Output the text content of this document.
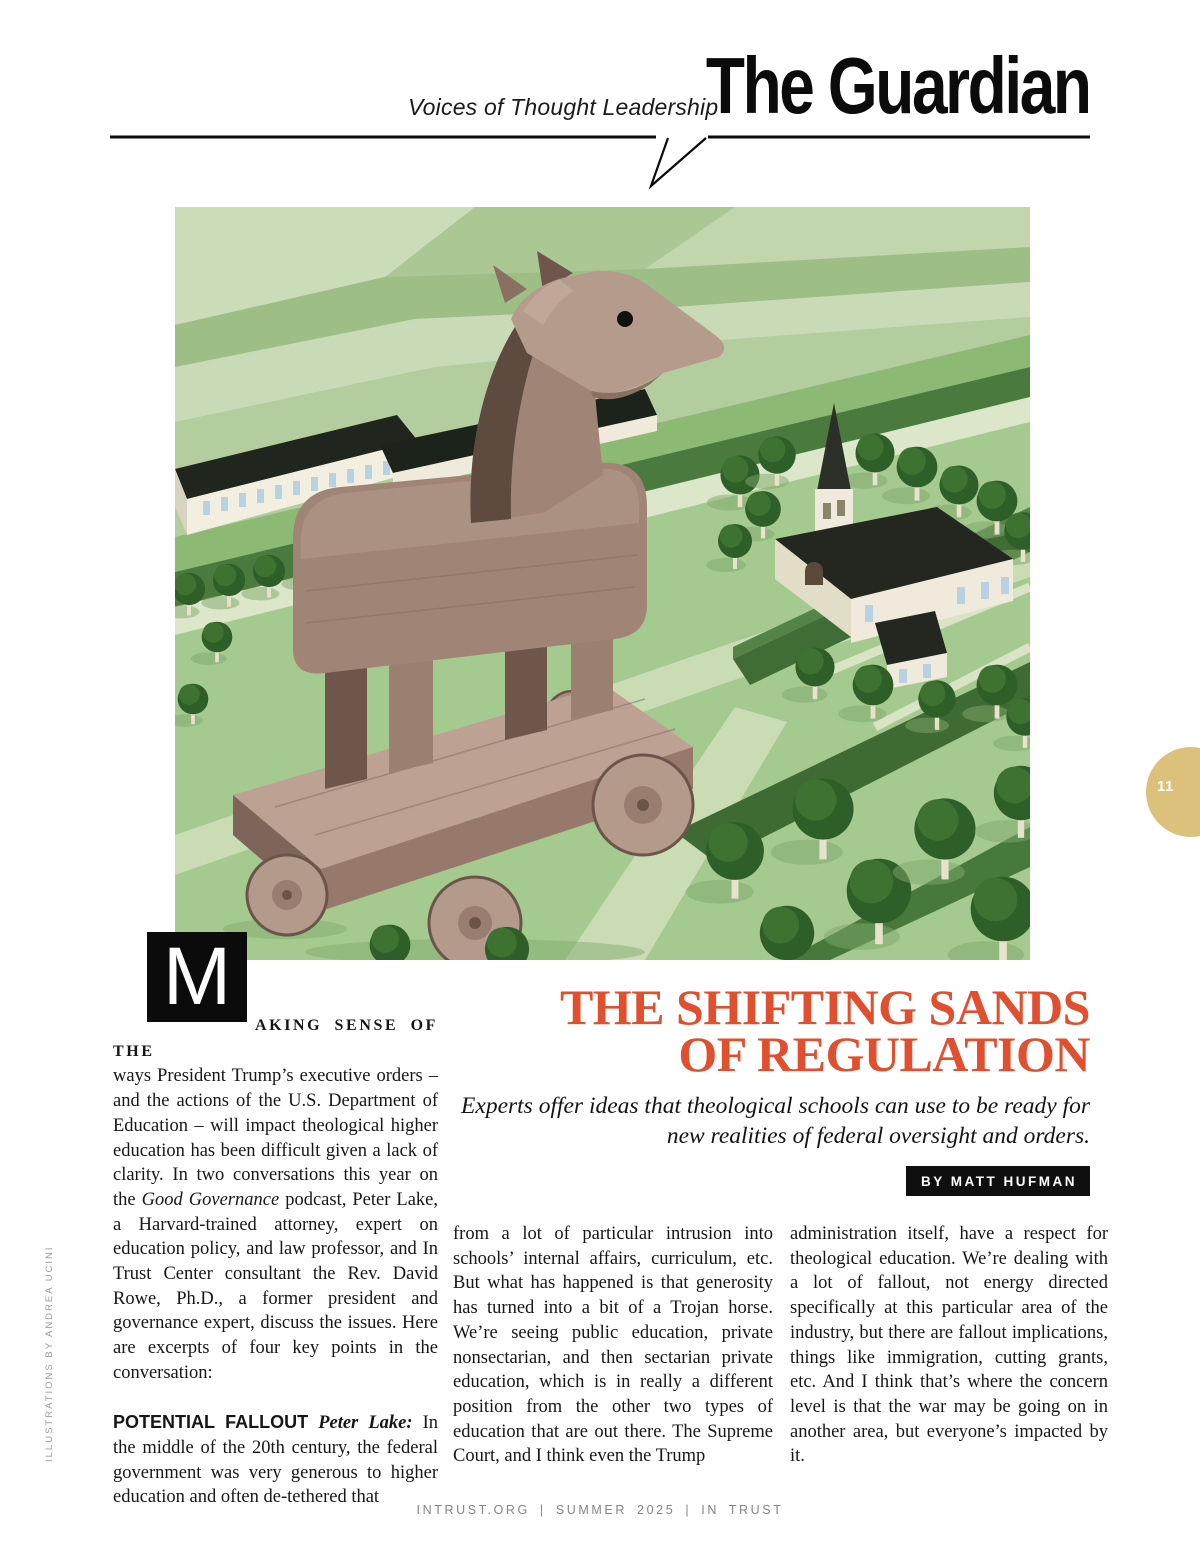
Voices of Thought Leadership
The Guardian
11
THE SHIFTING SANDS
OF REGULATION
Experts offer ideas that theological schools can use to be ready for new realities of federal oversight and orders.
BY MATT HUFMAN
M

AKING SENSE OF THE
ways President Trump’s executive orders – and the actions of the U.S. Department of Education – will impact theological higher education has been difficult given a lack of clarity. In two conversations this year on the Good Governance podcast, Peter Lake, a Harvard-trained attorney, expert on education policy, and law professor, and In Trust Center consultant the Rev. David Rowe, Ph.D., a former president and governance expert, discuss the issues. Here are excerpts of four key points in the conversation:

POTENTIAL FALLOUT Peter Lake: In the middle of the 20th century, the federal government was very generous to higher education and often de-tethered that

from a lot of particular intrusion into schools’ internal affairs, curriculum, etc. But what has happened is that generosity has turned into a bit of a Trojan horse. We’re seeing public education, private nonsectarian, and then sectarian private education, which is in really a different position from the other two types of education that are out there. The Supreme Court, and I think even the Trump

administration itself, have a respect for theological education. We’re dealing with a lot of fallout, not energy directed specifically at this particular area of the industry, but there are fallout implications, things like immigration, cutting grants, etc. And I think that’s where the concern level is that the war may be going on in another area, but everyone’s impacted by it.

INTRUST.ORG | SUMMER 2025 | IN TRUST
ILLUSTRATIONS BY ANDREA UCINI
